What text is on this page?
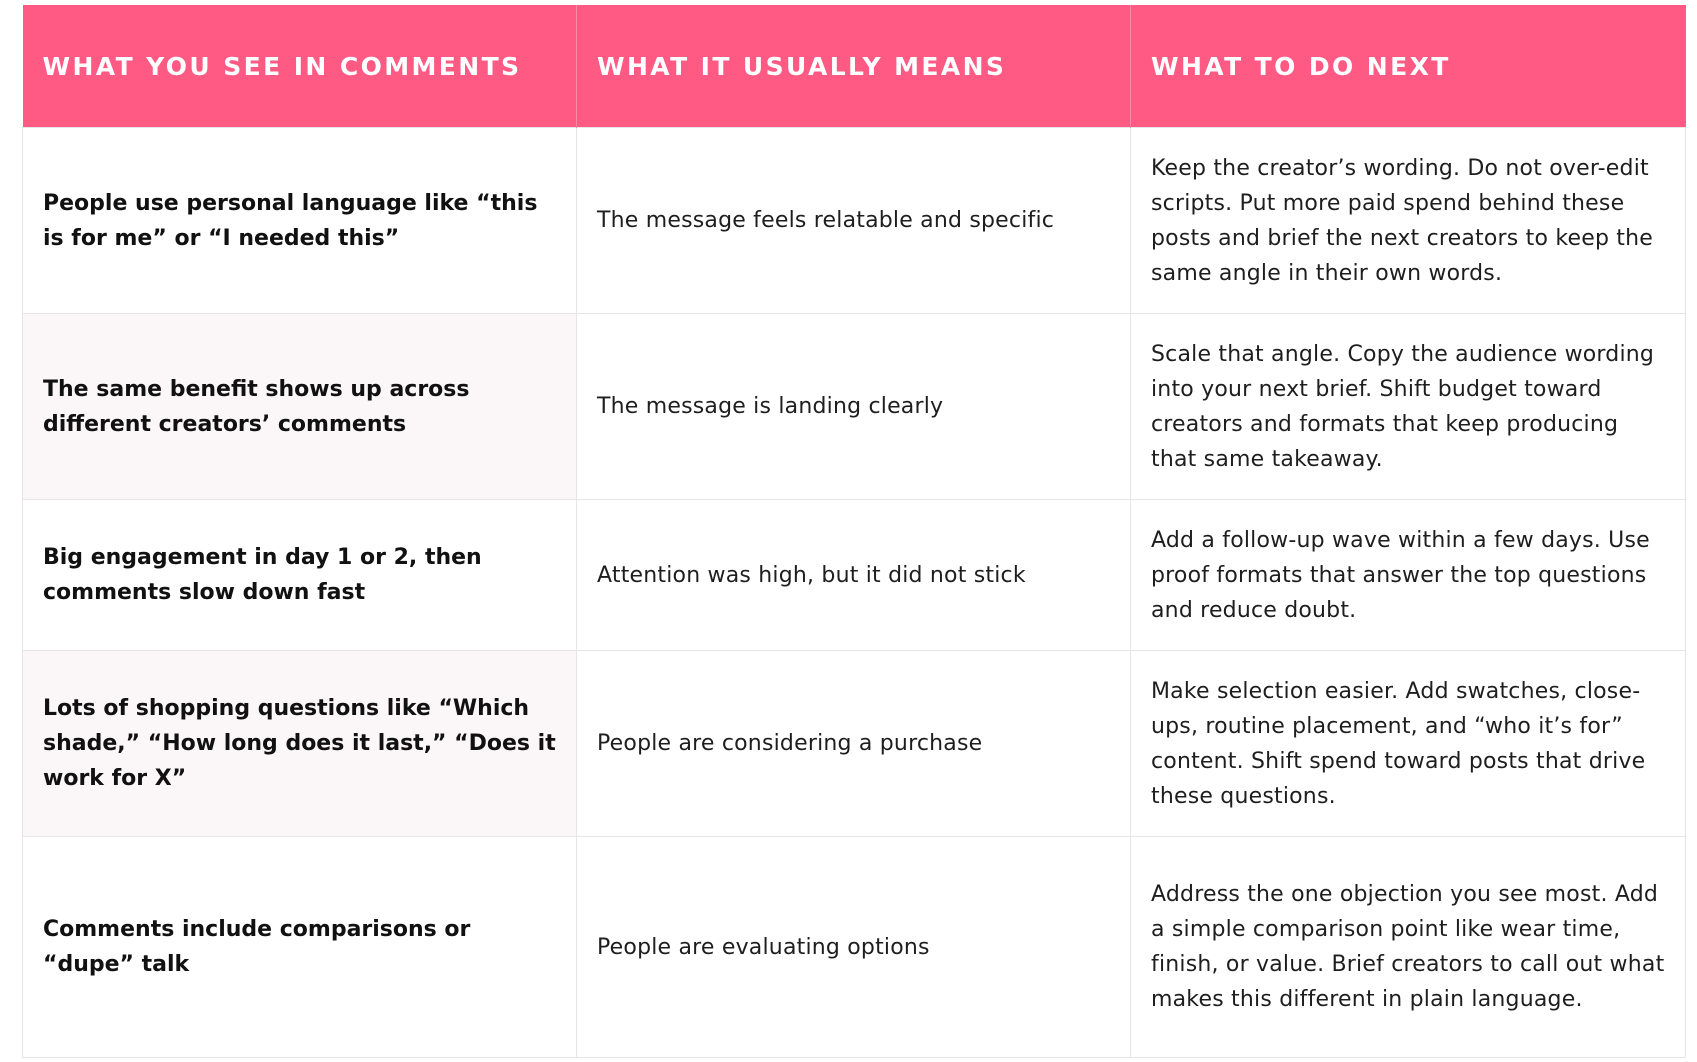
WHAT YOU SEE IN COMMENTS	WHAT IT USUALLY MEANS	WHAT TO DO NEXT
People use personal language like “this is for me” or “I needed this”	The message feels relatable and specific	Keep the creator’s wording. Do not over-edit scripts. Put more paid spend behind these posts and brief the next creators to keep the same angle in their own words.
The same benefit shows up across different creators’ comments	The message is landing clearly	Scale that angle. Copy the audience wording into your next brief. Shift budget toward creators and formats that keep producing that same takeaway.
Big engagement in day 1 or 2, then comments slow down fast	Attention was high, but it did not stick	Add a follow-up wave within a few days. Use proof formats that answer the top questions and reduce doubt.
Lots of shopping questions like “Which shade,” “How long does it last,” “Does it work for X”	People are considering a purchase	Make selection easier. Add swatches, close-ups, routine placement, and “who it’s for” content. Shift spend toward posts that drive these questions.
Comments include comparisons or “dupe” talk	People are evaluating options	Address the one objection you see most. Add a simple comparison point like wear time, finish, or value. Brief creators to call out what makes this different in plain language.
